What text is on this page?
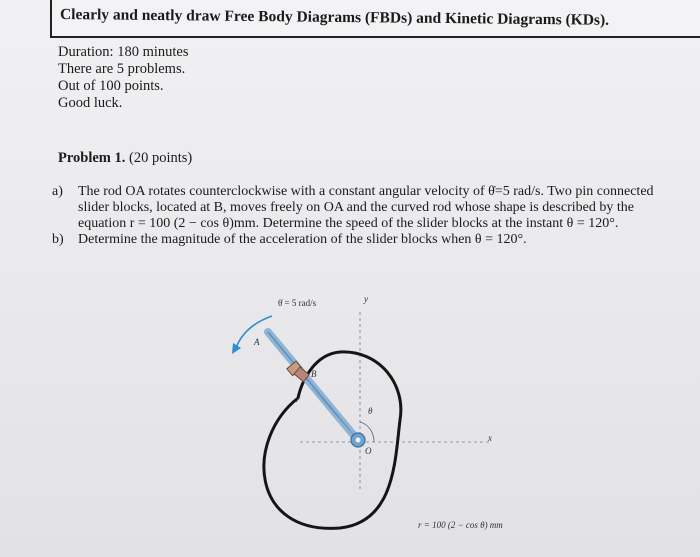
Clearly and neatly draw Free Body Diagrams (FBDs) and Kinetic Diagrams (KDs).
Duration: 180 minutes
There are 5 problems.
Out of 100 points.
Good luck.
Problem 1. (20 points)
a) The rod OA rotates counterclockwise with a constant angular velocity of θ̇=5 rad/s. Two pin connected
slider blocks, located at B, moves freely on OA and the curved rod whose shape is described by the
equation r = 100 (2 − cos θ)mm. Determine the speed of the slider blocks at the instant θ = 120°.
b) Determine the magnitude of the acceleration of the slider blocks when θ = 120°.
θ̇ = 5 rad/s	y
x
A
B
r
θ
O
r = 100 (2 − cos θ) mm
